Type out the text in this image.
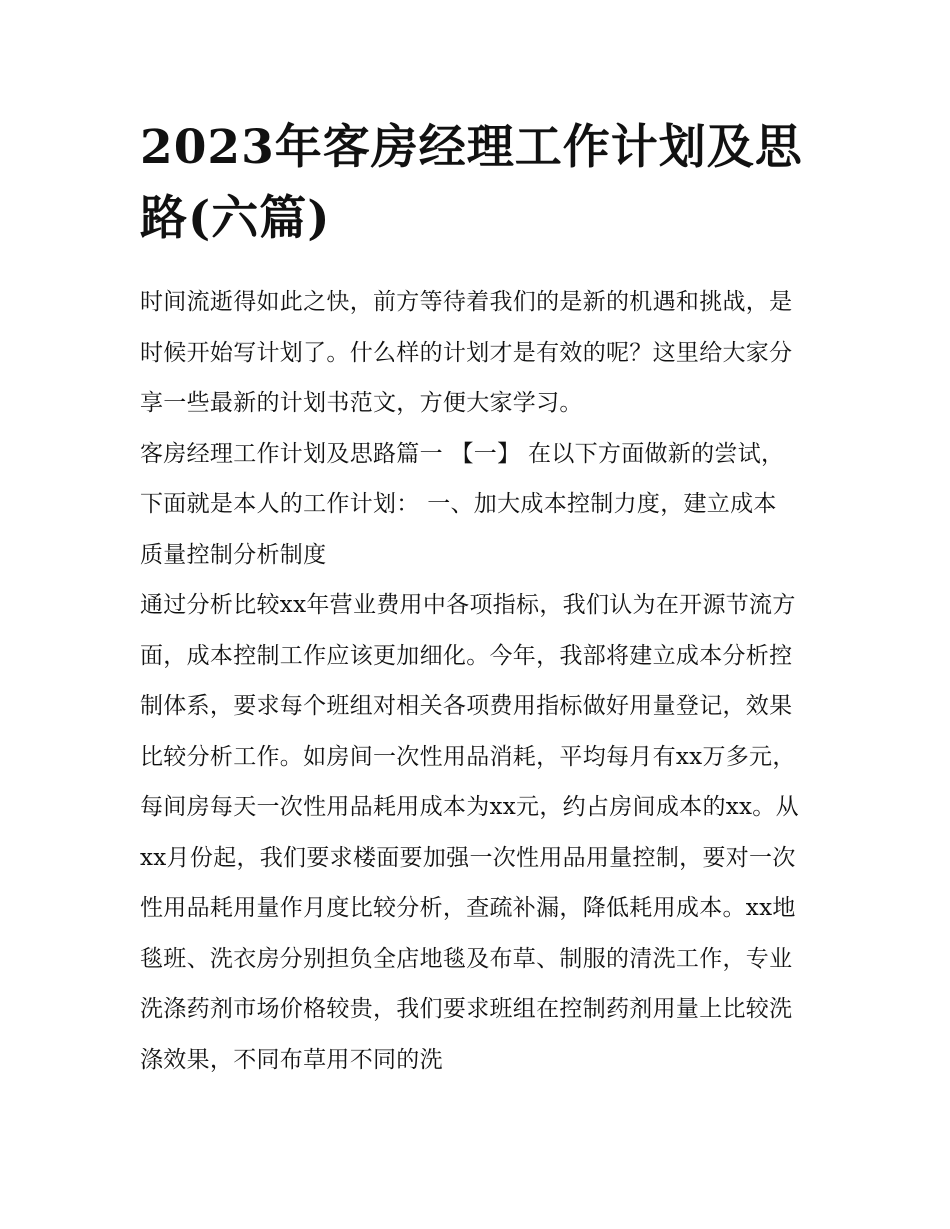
2023年客房经理工作计划及思路(六篇)

时间流逝得如此之快，前方等待着我们的是新的机遇和挑战，是时候开始写计划了。什么样的计划才是有效的呢？这里给大家分享一些最新的计划书范文，方便大家学习。

客房经理工作计划及思路篇一 【一】 在以下方面做新的尝试，下面就是本人的工作计划： 一、加大成本控制力度，建立成本质量控制分析制度

通过分析比较xx年营业费用中各项指标，我们认为在开源节流方面，成本控制工作应该更加细化。今年，我部将建立成本分析控制体系，要求每个班组对相关各项费用指标做好用量登记，效果比较分析工作。如房间一次性用品消耗，平均每月有xx万多元，每间房每天一次性用品耗用成本为xx元，约占房间成本的xx。从xx月份起，我们要求楼面要加强一次性用品用量控制，要对一次性用品耗用量作月度比较分析，查疏补漏，降低耗用成本。xx地毯班、洗衣房分别担负全店地毯及布草、制服的清洗工作，专业洗涤药剂市场价格较贵，我们要求班组在控制药剂用量上比较洗涤效果，不同布草用不同的洗
